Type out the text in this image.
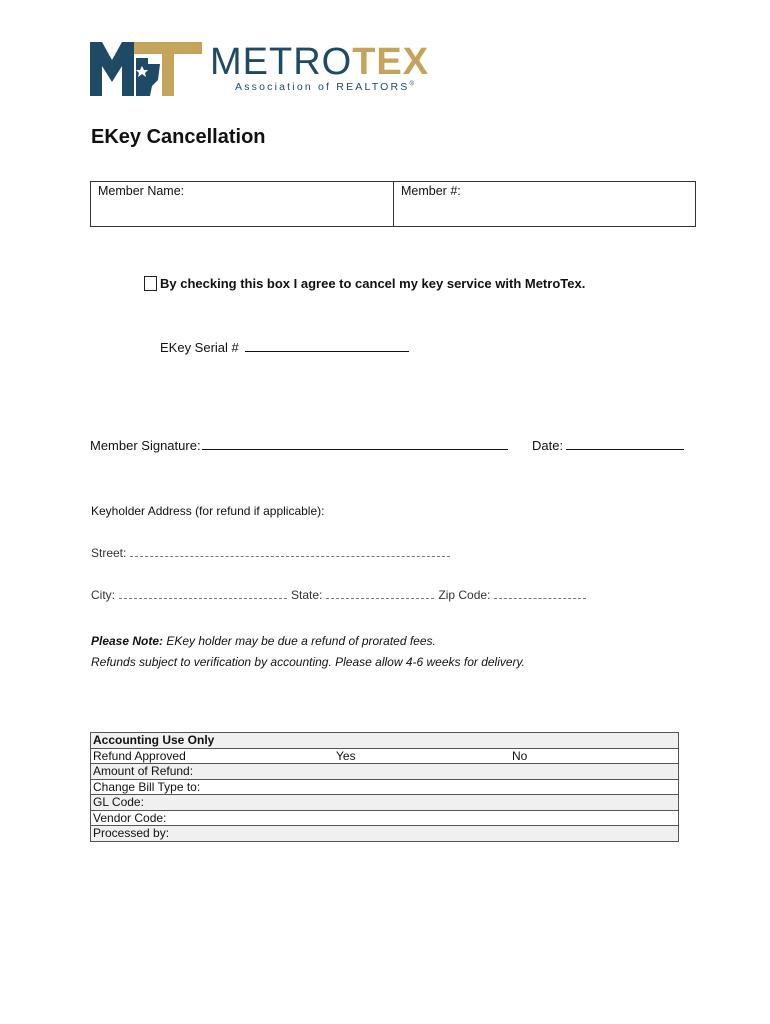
METROTEX
Association of REALTORS®
EKey Cancellation
Member Name:	Member #:
By checking this box I agree to cancel my key service with MetroTex.
EKey Serial #
Member Signature:	Date:
Keyholder Address (for refund if applicable):
Street:
City:	State:	Zip Code:
Please Note: EKey holder may be due a refund of prorated fees.
Refunds subject to verification by accounting. Please allow 4-6 weeks for delivery.
Accounting Use Only
Refund Approved	Yes	No

Amount of Refund:
Change Bill Type to:
GL Code:
Vendor Code:
Processed by:
